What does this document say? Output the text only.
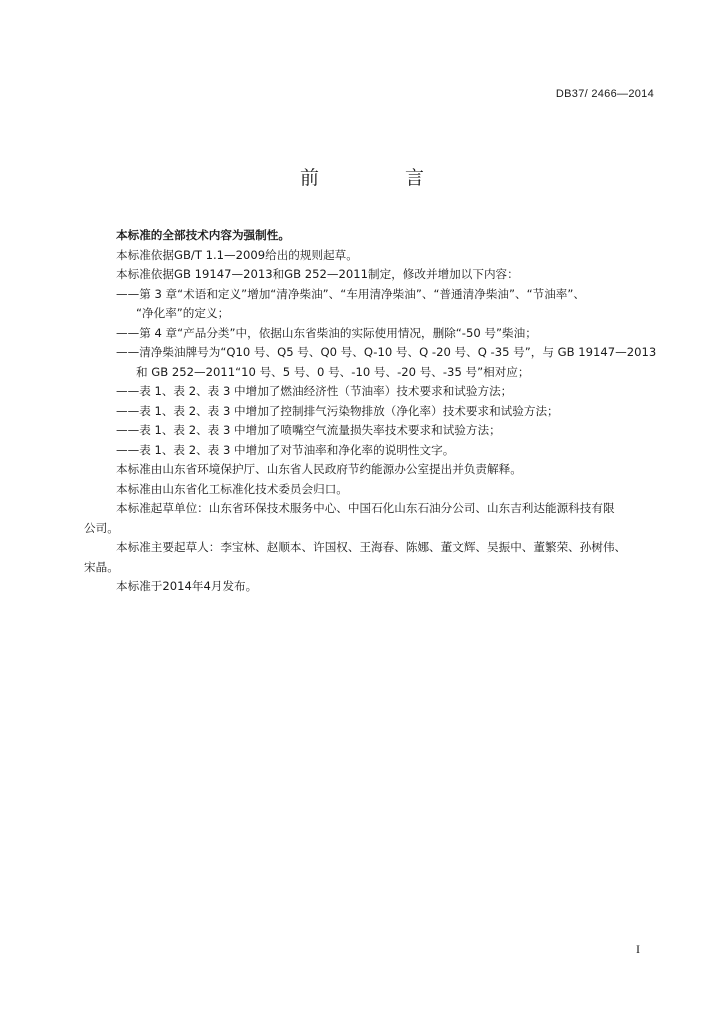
DB37/ 2466—2014
前 言
本标准的全部技术内容为强制性。
本标准依据GB/T 1.1—2009给出的规则起草。
本标准依据GB 19147—2013和GB 252—2011制定，修改并增加以下内容：
——第 3 章“术语和定义”增加“清净柴油”、“车用清净柴油”、“普通清净柴油”、“节油率”、
“净化率”的定义；
——第 4 章“产品分类”中，依据山东省柴油的实际使用情况，删除“-50 号”柴油；
——清净柴油牌号为“Q10 号、Q5 号、Q0 号、Q-10 号、Q -20 号、Q -35 号”，与 GB 19147—2013
和 GB 252—2011“10 号、5 号、0 号、-10 号、-20 号、-35 号”相对应；
——表 1、表 2、表 3 中增加了燃油经济性（节油率）技术要求和试验方法；
——表 1、表 2、表 3 中增加了控制排气污染物排放（净化率）技术要求和试验方法；
——表 1、表 2、表 3 中增加了喷嘴空气流量损失率技术要求和试验方法；
——表 1、表 2、表 3 中增加了对节油率和净化率的说明性文字。
本标准由山东省环境保护厅、山东省人民政府节约能源办公室提出并负责解释。
本标准由山东省化工标准化技术委员会归口。
本标准起草单位：山东省环保技术服务中心、中国石化山东石油分公司、山东吉利达能源科技有限
公司。
本标准主要起草人：李宝林、赵顺本、许国权、王海春、陈娜、董文辉、吴振中、董繁荣、孙树伟、
宋晶。
本标准于2014年4月发布。
I
